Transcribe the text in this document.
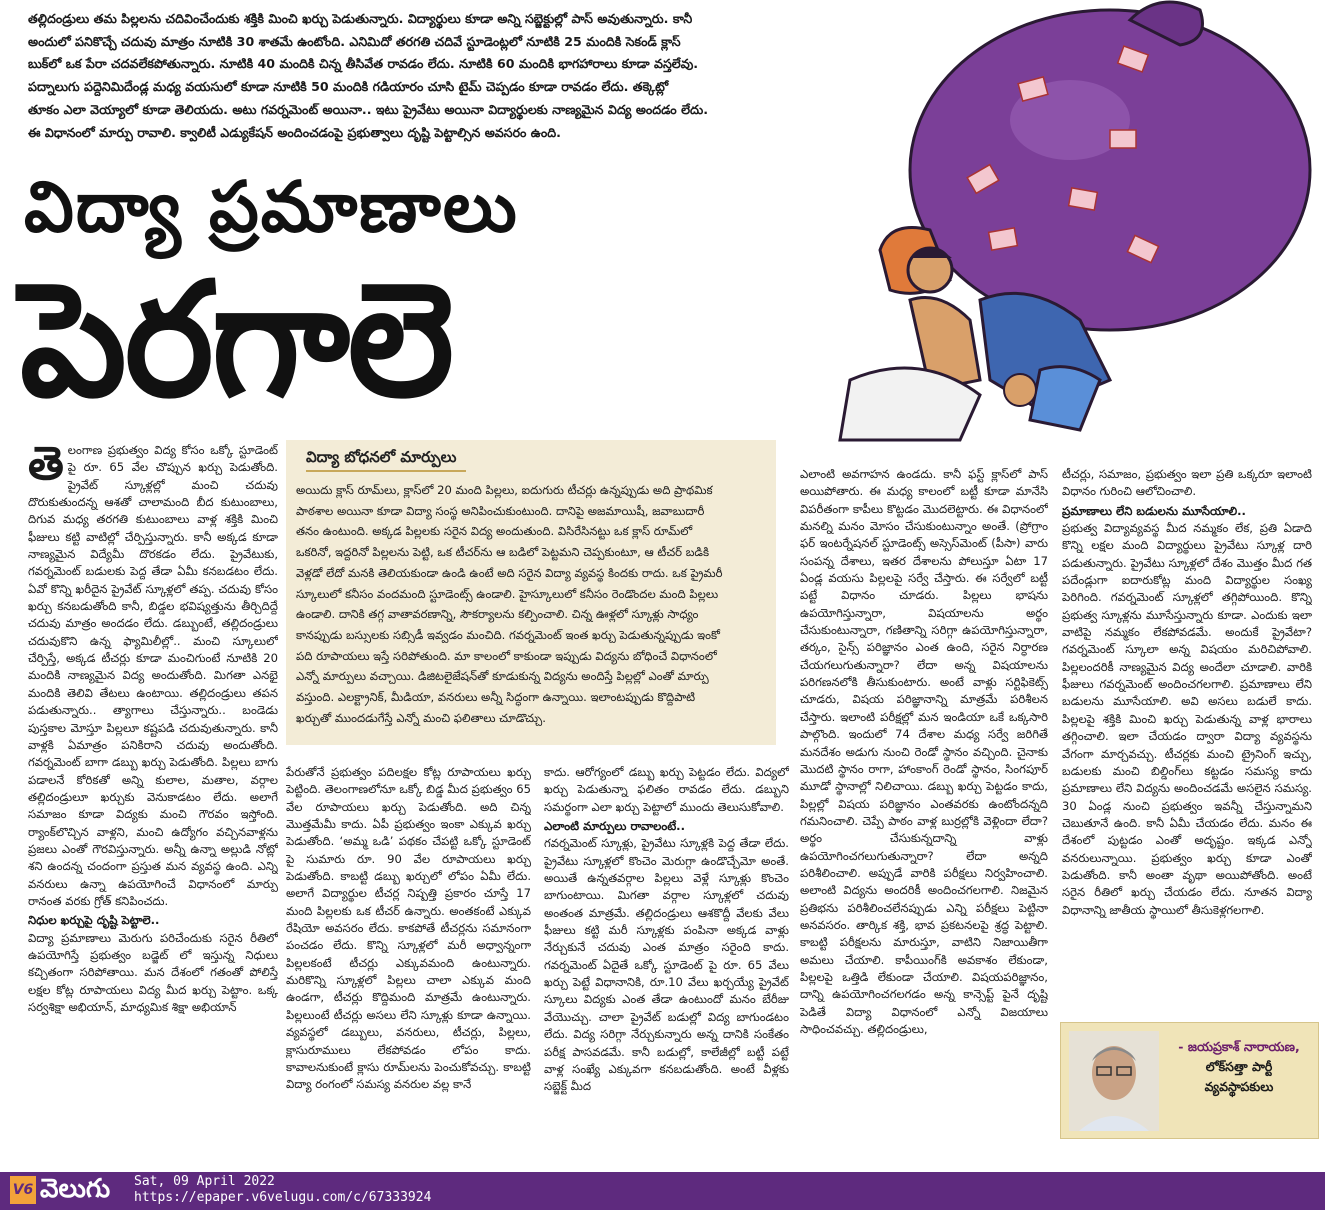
తల్లిదండ్రులు తమ పిల్లలను చదివించేందుకు శక్తికి మించి ఖర్చు పెడుతున్నారు. విద్యార్థులు కూడా అన్ని సబ్జెక్టుల్లో పాస్ అవుతున్నారు. కానీ

అందులో పనికొచ్చే చదువు మాత్రం నూటికి 30 శాతమే ఉంటోంది. ఎనిమిదో తరగతి చదివే స్టూడెంట్లలో నూటికి 25 మందికి సెకండ్ క్లాస్

బుక్‌లో ఒక పేరా చదవలేకపోతున్నారు. నూటికి 40 మందికి చిన్న తీసివేత రావడం లేదు. నూటికి 60 మందికి భాగహారాలు కూడా వస్తలేవు.

పద్నాలుగు పద్దెనిమిదేండ్ల మధ్య వయసులో కూడా నూటికి 50 మందికి గడియారం చూసి టైమ్ చెప్పడం కూడా రావడం లేదు. తక్కెట్లో

తూకం ఎలా వెయ్యాలో కూడా తెలియదు. అటు గవర్నమెంట్ అయినా.. ఇటు ప్రైవేటు అయినా విద్యార్థులకు నాణ్యమైన విద్య అందడం లేదు.

ఈ విధానంలో మార్పు రావాలి. క్వాలిటీ ఎడ్యుకేషన్ అందించడంపై ప్రభుత్వాలు దృష్టి పెట్టాల్సిన అవసరం ఉంది.

విద్యా ప్రమాణాలు
పెరగాలె
తె లంగాణ ప్రభుత్వం విద్య కోసం ఒక్కో స్టూడెంట్ పై రూ. 65 వేల చొప్పున ఖర్చు పెడుతోంది. ప్రైవేట్ స్కూళ్లల్లో మంచి చదువు దొరుకుతుందన్న ఆశతో చాలామంది బీద కుటుంబాలు, దిగువ మధ్య తరగతి కుటుంబాలు వాళ్ల శక్తికి మించి ఫీజులు కట్టి వాటిల్లో చేర్పిస్తున్నారు. కానీ అక్కడ కూడా నాణ్యమైన విద్యేమీ దొరకడం లేదు. ప్రైవేటుకు, గవర్నమెంట్ బడులకు పెద్ద తేడా ఏమీ కనబడటం లేదు. ఏవో కొన్ని ఖరీదైన ప్రైవేట్ స్కూళ్లలో తప్ప. చదువు కోసం ఖర్చు కనబడుతోంది కానీ, బిడ్డల భవిష్యత్తును తీర్చిదిద్దే చదువు మాత్రం అందడం లేదు. డబ్బుంటే, తల్లిదండ్రులు చదువుకొని ఉన్న ఫ్యామిలీల్లో.. మంచి స్కూలులో చేర్పిస్తే, అక్కడ టీచర్లు కూడా మంచిగుంటే నూటికి 20 మందికి నాణ్యమైన విద్య అందుతోంది. మిగతా ఎనభై మందికి తెలివి తేటలు ఉంటాయి. తల్లిదండ్రులు తపన పడుతున్నారు.. త్యాగాలు చేస్తున్నారు.. బండెడు పుస్తకాల మోస్తూ పిల్లలూ కష్టపడి చదువుతున్నారు. కానీ వాళ్లకి ఏమాత్రం పనికిరాని చదువు అందుతోంది. గవర్నమెంట్ బాగా డబ్బు ఖర్చు పెడుతోంది. పిల్లలు బాగు పడాలనే కోరికతో అన్ని కులాల, మతాల, వర్గాల తల్లిదండ్రులూ ఖర్చుకు వెనుకాడటం లేదు. అలాగే సమాజం కూడా విద్యకు మంచి గౌరవం ఇస్తోంది. ర్యాంక్‌లొచ్చిన వాళ్లని, మంచి ఉద్యోగం వచ్చినవాళ్లను ప్రజలు ఎంతో గౌరవిస్తున్నారు. అన్నీ ఉన్నా అల్లుడి నోట్లో శని ఉందన్న చందంగా ప్రస్తుత మన వ్యవస్థ ఉంది. ఎన్ని వనరులు ఉన్నా ఉపయోగించే విధానంలో మార్పు రానంత వరకు గ్రోత్ కనిపించదు.

నిధుల ఖర్చుపై దృష్టి పెట్టాలె..

విద్యా ప్రమాణాలు మెరుగు పరిచేందుకు సరైన రీతిలో ఉపయోగిస్తే ప్రభుత్వం బడ్జెట్ లో ఇస్తున్న నిధులు కచ్చితంగా సరిపోతాయి. మన దేశంలో గతంతో పోలిస్తే లక్షల కోట్ల రూపాయలు విద్య మీద ఖర్చు పెట్టాం. ఒక్క సర్వశిక్షా అభియాన్, మాధ్యమిక శిక్షా అభియాన్

విద్యా బోధనలో మార్పులు

అయిదు క్లాస్ రూమ్‌లు, క్లాస్‌లో 20 మంది పిల్లలు, ఐదుగురు టీచర్లు ఉన్నప్పుడు అది ప్రాథమిక

పాఠశాల అయినా కూడా విద్యా సంస్థ అనిపించుకుంటుంది. దానిపై అజమాయిషీ, జవాబుదారీ

తనం ఉంటుంది. అక్కడ పిల్లలకు సరైన విద్య అందుతుంది. విసిరేసినట్టు ఒక క్లాస్ రూమ్‌లో

ఒకరినో, ఇద్దరినో పిల్లలను పెట్టి, ఒక టీచర్‌ను ఆ బడిలో పెట్టమని చెప్పకుంటూ, ఆ టీచర్ బడికి

వెళ్లడో లేదో మనకి తెలియకుండా ఉండి ఉంటే అది సరైన విద్యా వ్యవస్థ కిందకు రాదు. ఒక ప్రైమరీ

స్కూలులో కనీసం వందమంది స్టూడెంట్స్ ఉండాలి. హైస్కూలులో కనీసం రెండొందల మంది పిల్లలు

ఉండాలి. దానికి తగ్గ వాతావరణాన్ని, సౌకర్యాలను కల్పించాలి. చిన్న ఊళ్లలో స్కూళ్లు సాధ్యం

కానప్పుడు బస్సులకు సబ్సిడీ ఇవ్వడం మంచిది. గవర్నమెంట్ ఇంత ఖర్చు పెడుతున్నప్పుడు ఇంకో

పది రూపాయలు ఇస్తే సరిపోతుంది. మా కాలంలో కాకుండా ఇప్పుడు విద్యను బోధించే విధానంలో

ఎన్నో మార్పులు వచ్చాయి. డిజిటలైజేషన్‌తో కూడుకున్న విద్యను అందిస్తే పిల్లల్లో ఎంతో మార్పు

వస్తుంది. ఎలక్ట్రానిక్, మీడియా, వనరులు అన్నీ సిద్ధంగా ఉన్నాయి. ఇలాంటప్పుడు కొద్దిపాటి

ఖర్చుతో ముందడుగేస్తే ఎన్నో మంచి ఫలితాలు చూడొచ్చు.

పేరుతోనే ప్రభుత్వం పదిలక్షల కోట్ల రూపాయలు ఖర్చు పెట్టింది. తెలంగాణలోనూ ఒక్కో బిడ్డ మీద ప్రభుత్వం 65 వేల రూపాయలు ఖర్చు పెడుతోంది. అది చిన్న మొత్తమేమీ కాదు. ఏపీ ప్రభుత్వం ఇంకా ఎక్కువ ఖర్చు పెడుతోంది. ‘అమ్మ ఒడి’ పథకం చేపట్టి ఒక్కో స్టూడెంట్ పై సుమారు రూ. 90 వేల రూపాయలు ఖర్చు పెడుతోంది. కాబట్టి డబ్బు ఖర్చులో లోపం ఏమీ లేదు. అలాగే విద్యార్థుల టీచర్ల నిష్పత్తి ప్రకారం చూస్తే 17 మంది పిల్లలకు ఒక టీచర్ ఉన్నారు. అంతకంటే ఎక్కువ రేషియో అవసరం లేదు. కాకపోతే టీచర్లను సమానంగా పంచడం లేదు. కొన్ని స్కూళ్లలో మరీ అధ్వాన్నంగా పిల్లలకంటే టీచర్లు ఎక్కువమంది ఉంటున్నారు. మరికొన్ని స్కూళ్లలో పిల్లలు చాలా ఎక్కువ మంది ఉండగా, టీచర్లు కొద్దిమంది మాత్రమే ఉంటున్నారు. పిల్లలుంటే టీచర్లు అసలు లేని స్కూళ్లు కూడా ఉన్నాయి. వ్యవస్థలో డబ్బులు, వనరులు, టీచర్లు, పిల్లలు, క్లాసురూములు లేకపోవడం లోపం కాదు. కావాలనుకుంటే క్లాసు రూమ్‌లను పెంచుకోవచ్చు. కాబట్టి విద్యా రంగంలో సమస్య వనరుల వల్ల కానే

కాదు. ఆరోగ్యంలో డబ్బు ఖర్చు పెట్టడం లేదు. విద్యలో ఖర్చు పెడుతున్నా ఫలితం రావడం లేదు. డబ్బుని సమర్థంగా ఎలా ఖర్చు పెట్టాలో ముందు తెలుసుకోవాలి.

ఎలాంటి మార్పులు రావాలంటే..

గవర్నమెంట్ స్కూళ్లు, ప్రైవేటు స్కూళ్లకి పెద్ద తేడా లేదు. ప్రైవేటు స్కూళ్లలో కొంచెం మెరుగ్గా ఉండొచ్చేమో అంతే. అయితే ఉన్నతవర్గాల పిల్లలు వెళ్లే స్కూళ్లు కొంచెం బాగుంటాయి. మిగతా వర్గాల స్కూళ్లలో చదువు అంతంత మాత్రమే. తల్లిదండ్రులు ఆశకొద్దీ వేలకు వేలు ఫీజులు కట్టి మరీ స్కూళ్లకు పంపినా అక్కడ వాళ్లు నేర్చుకునే చదువు ఎంత మాత్రం సరైంది కాదు. గవర్నమెంట్ ఏదైతే ఒక్కో స్టూడెంట్ పై రూ. 65 వేలు ఖర్చు పెట్టే విధానానికి, రూ.10 వేలు ఖర్చయ్యే ప్రైవేట్ స్కూలు విద్యకు ఎంత తేడా ఉంటుందో మనం బేరీజు వేయొచ్చు. చాలా ప్రైవేట్ బడుల్లో విద్య బాగుండటం లేదు. విద్య సరిగ్గా నేర్చుకున్నారు అన్న దానికి సంకేతం పరీక్ష పాసవడమే. కానీ బడుల్లో, కాలేజీల్లో బట్టీ పట్టే వాళ్ల సంఖ్యే ఎక్కువగా కనబడుతోంది. అంటే వీళ్లకు సబ్జెక్ట్ మీద

ఎలాంటి అవగాహన ఉండదు. కానీ ఫస్ట్ క్లాస్‌లో పాస్ అయిపోతారు. ఈ మధ్య కాలంలో బట్టీ కూడా మానేసి విపరీతంగా కాపీలు కొట్టడం మొదలెట్టారు. ఈ విధానంలో మనల్ని మనం మోసం చేసుకుంటున్నాం అంతే. (ప్రోగ్రాం ఫర్ ఇంటర్నేషనల్ స్టూడెంట్స్ అస్సెస్‌మెంట్ (పీసా) వారు సంపన్న దేశాలు, ఇతర దేశాలను పోలుస్తూ ఏటా 17 ఏండ్ల వయసు పిల్లలపై సర్వే చేస్తారు. ఈ సర్వేలో బట్టీ పట్టే విధానం చూడరు. పిల్లలు భాషను ఉపయోగిస్తున్నారా, విషయాలను అర్థం చేసుకుంటున్నారా, గణితాన్ని సరిగ్గా ఉపయోగిస్తున్నారా, తర్కం, సైన్స్ పరిజ్ఞానం ఎంత ఉంది, సరైన నిర్ధారణ చేయగలుగుతున్నారా? లేదా అన్న విషయాలను పరిగణనలోకి తీసుకుంటారు. అంటే వాళ్లు సర్టిఫికెట్స్ చూడరు, విషయ పరిజ్ఞానాన్ని మాత్రమే పరిశీలన చేస్తారు. ఇలాంటి పరీక్షల్లో మన ఇండియా ఒకే ఒక్కసారి పాల్గొంది. ఇందులో 74 దేశాల మధ్య సర్వే జరిగితే మనదేశం అడుగు నుంచి రెండో స్థానం వచ్చింది. చైనాకు మొదటి స్థానం రాగా, హాంకాంగ్ రెండో స్థానం, సింగపూర్ మూడో స్థానాల్లో నిలిచాయి. డబ్బు ఖర్చు పెట్టడం కాదు, పిల్లల్లో విషయ పరిజ్ఞానం ఎంతవరకు ఉంటోందన్నది గమనించాలి. చెప్పే పాఠం వాళ్ల బుర్రల్లోకి వెళ్లిందా లేదా? అర్థం చేసుకున్నదాన్ని వాళ్లు ఉపయోగించగలుగుతున్నారా? లేదా అన్నది పరిశీలించాలి. అప్పుడే వారికి పరీక్షలు నిర్వహించాలి. అలాంటి విద్యను అందరికీ అందించగలగాలి. నిజమైన ప్రతిభను పరిశీలించలేనప్పుడు ఎన్ని పరీక్షలు పెట్టినా అనవసరం. తార్కిక శక్తి, భావ ప్రకటనలపై శ్రద్ధ పెట్టాలి. కాబట్టి పరీక్షలను మారుస్తూ, వాటిని నిజాయితీగా అమలు చేయాలి. కాపీయింగ్‌కి అవకాశం లేకుండా, పిల్లలపై ఒత్తిడి లేకుండా చేయాలి. విషయపరిజ్ఞానం, దాన్ని ఉపయోగించగలగడం అన్న కాన్సెప్ట్ పైనే దృష్టి పెడితే విద్యా విధానంలో ఎన్నో విజయాలు సాధించవచ్చు. తల్లిదండ్రులు,

టీచర్లు, సమాజం, ప్రభుత్వం ఇలా ప్రతి ఒక్కరూ ఇలాంటి విధానం గురించి ఆలోచించాలి.

ప్రమాణాలు లేని బడులను మూసేయాలి..

ప్రభుత్వ విద్యావ్యవస్థ మీద నమ్మకం లేక, ప్రతి ఏడాది కొన్ని లక్షల మంది విద్యార్థులు ప్రైవేటు స్కూళ్ల దారి పడుతున్నారు. ప్రైవేటు స్కూళ్లలో దేశం మొత్తం మీద గత పదేండ్లుగా ఐదారుకోట్ల మంది విద్యార్థుల సంఖ్య పెరిగింది. గవర్నమెంట్ స్కూళ్లలో తగ్గిపోయింది. కొన్ని ప్రభుత్వ స్కూళ్లను మూసేస్తున్నారు కూడా. ఎందుకు ఇలా వాటిపై నమ్మకం లేకపోవడమే. అందుకే ప్రైవేటా? గవర్నమెంట్ స్కూలా అన్న విషయం మరిచిపోవాలి. పిల్లలందరికీ నాణ్యమైన విద్య అందేలా చూడాలి. వారికి ఫీజులు గవర్నమెంట్ అందించగలగాలి. ప్రమాణాలు లేని బడులను మూసేయాలి. అవి అసలు బడులే కాదు. పిల్లలపై శక్తికి మించి ఖర్చు పెడుతున్న వాళ్ల భారాలు తగ్గించాలి. ఇలా చేయడం ద్వారా విద్యా వ్యవస్థను వేగంగా మార్చవచ్చు. టీచర్లకు మంచి ట్రైనింగ్ ఇచ్చు, బడులకు మంచి బిల్డింగ్‌లు కట్టడం సమస్య కాదు ప్రమాణాలు లేని విద్యను అందించడమే అసలైన సమస్య. 30 ఏండ్ల నుంచి ప్రభుత్వం ఇవన్నీ చేస్తున్నామని చెబుతూనే ఉంది. కానీ ఏమీ చేయడం లేదు. మనం ఈ దేశంలో పుట్టడం ఎంతో అదృష్టం. ఇక్కడ ఎన్నో వనరులున్నాయి. ప్రభుత్వం ఖర్చు కూడా ఎంతో పెడుతోంది. కానీ అంతా వృథా అయిపోతోంది. అంటే సరైన రీతిలో ఖర్చు చేయడం లేదు. నూతన విద్యా విధానాన్ని జాతీయ స్థాయిలో తీసుకెళ్లగలగాలి.

- జయప్రకాశ్ నారాయణ,
లోక్‌సత్తా పార్టీ
వ్యవస్థాపకులు
V6 వెలుగు Sat, 09 April 2022
https://epaper.v6velugu.com/c/67333924
